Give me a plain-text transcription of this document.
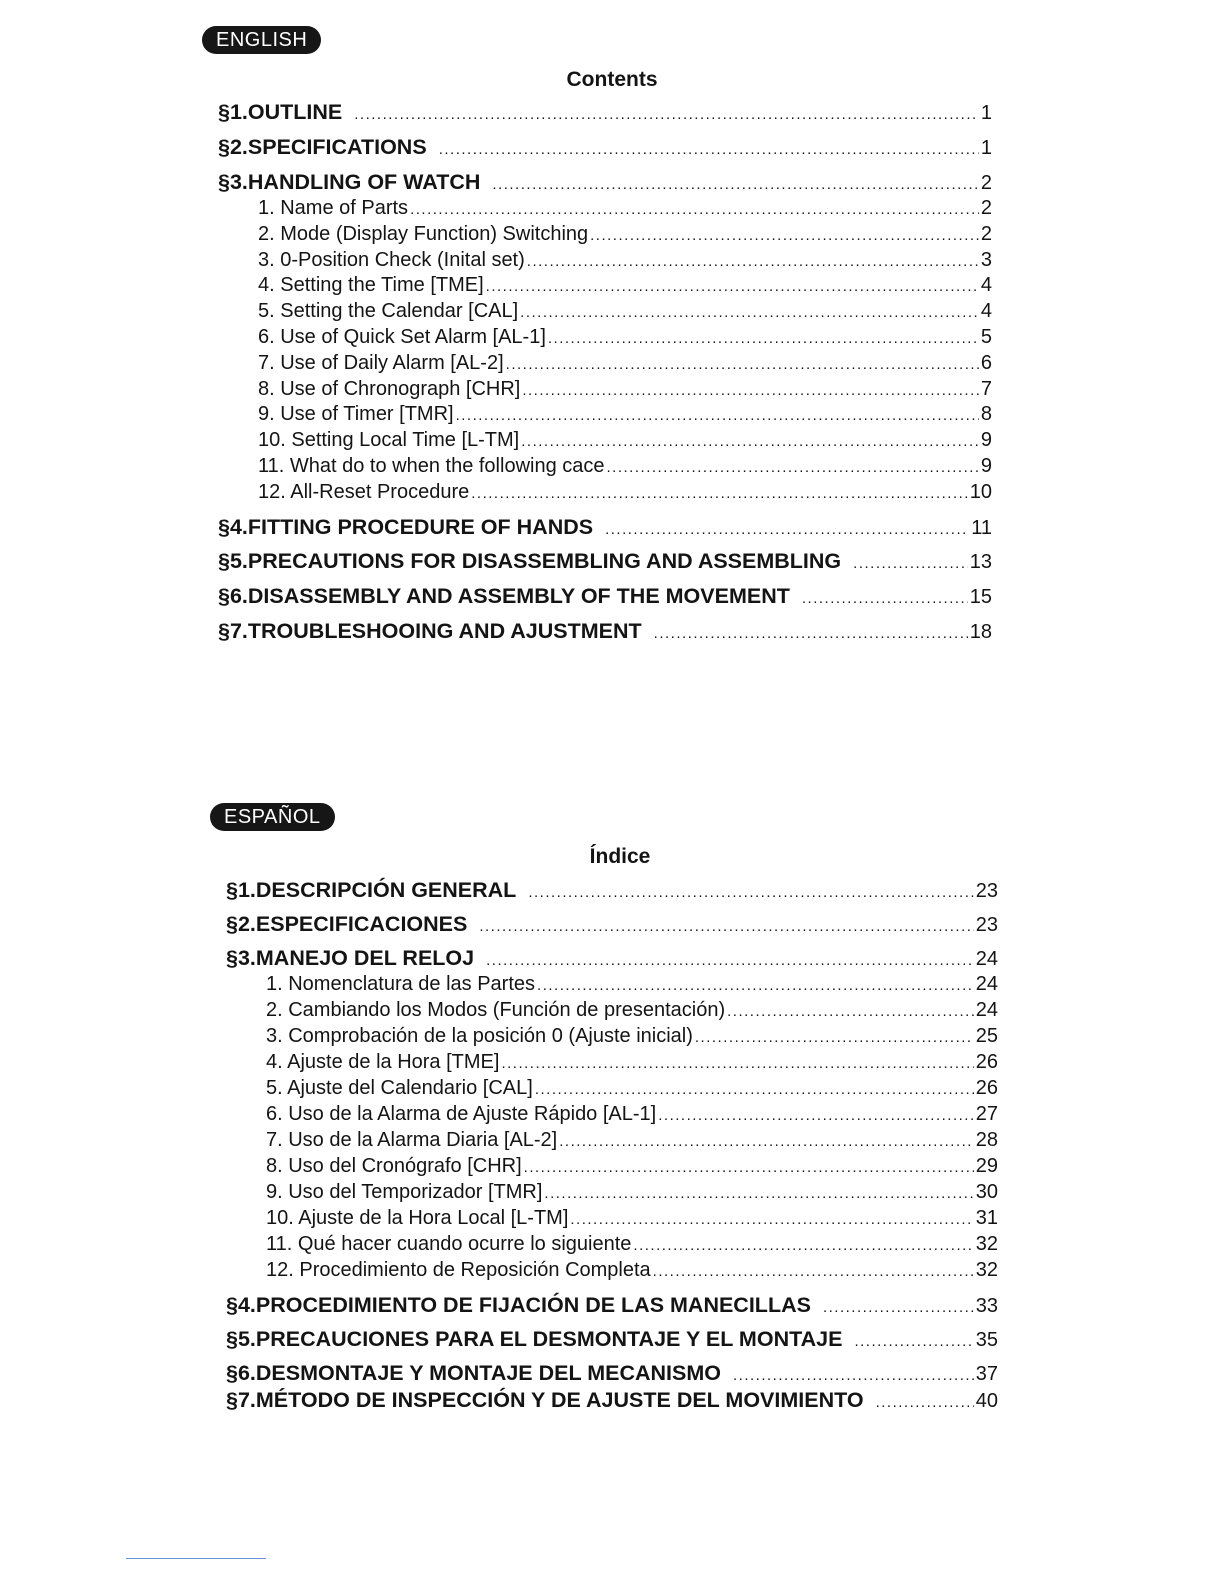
ENGLISH
Contents
§1. OUTLINE .....	1
§2. SPECIFICATIONS .....	1
§3. HANDLING OF WATCH .....	2
1. Name of Parts .....	2
2. Mode (Display Function) Switching .....	2
3. 0-Position Check (Inital set) .....	3
4. Setting the Time [TME] .....	4
5. Setting the Calendar [CAL] .....	4
6. Use of Quick Set Alarm [AL-1] .....	5
7. Use of Daily Alarm [AL-2] .....	6
8. Use of Chronograph [CHR] .....	7
9. Use of Timer [TMR] .....	8
10. Setting Local Time [L-TM] .....	9
11. What do to when the following cace .....	9
12. All-Reset Procedure .....	10
§4. FITTING PROCEDURE OF HANDS .....	11
§5. PRECAUTIONS FOR DISASSEMBLING AND ASSEMBLING .....	13
§6. DISASSEMBLY AND ASSEMBLY OF THE MOVEMENT .....	15
§7. TROUBLESHOOING AND AJUSTMENT .....	18
ESPAÑOL
Índice
§1. DESCRIPCIÓN GENERAL .....	23
§2. ESPECIFICACIONES .....	23
§3. MANEJO DEL RELOJ .....	24
1. Nomenclatura de las Partes .....	24
2. Cambiando los Modos (Función de presentación) .....	24
3. Comprobación de la posición 0 (Ajuste inicial) .....	25
4. Ajuste de la Hora [TME] .....	26
5. Ajuste del Calendario [CAL] .....	26
6. Uso de la Alarma de Ajuste Rápido [AL-1] .....	27
7. Uso de la Alarma Diaria [AL-2] .....	28
8. Uso del Cronógrafo [CHR] .....	29
9. Uso del Temporizador [TMR] .....	30
10. Ajuste de la Hora Local [L-TM] .....	31
11. Qué hacer cuando ocurre lo siguiente .....	32
12. Procedimiento de Reposición Completa .....	32
§4. PROCEDIMIENTO DE FIJACIÓN DE LAS MANECILLAS .....	33
§5. PRECAUCIONES PARA EL DESMONTAJE Y EL MONTAJE .....	35
§6. DESMONTAJE Y MONTAJE DEL MECANISMO .....	37
§7. MÉTODO DE INSPECCIÓN Y DE AJUSTE DEL MOVIMIENTO .....	40
